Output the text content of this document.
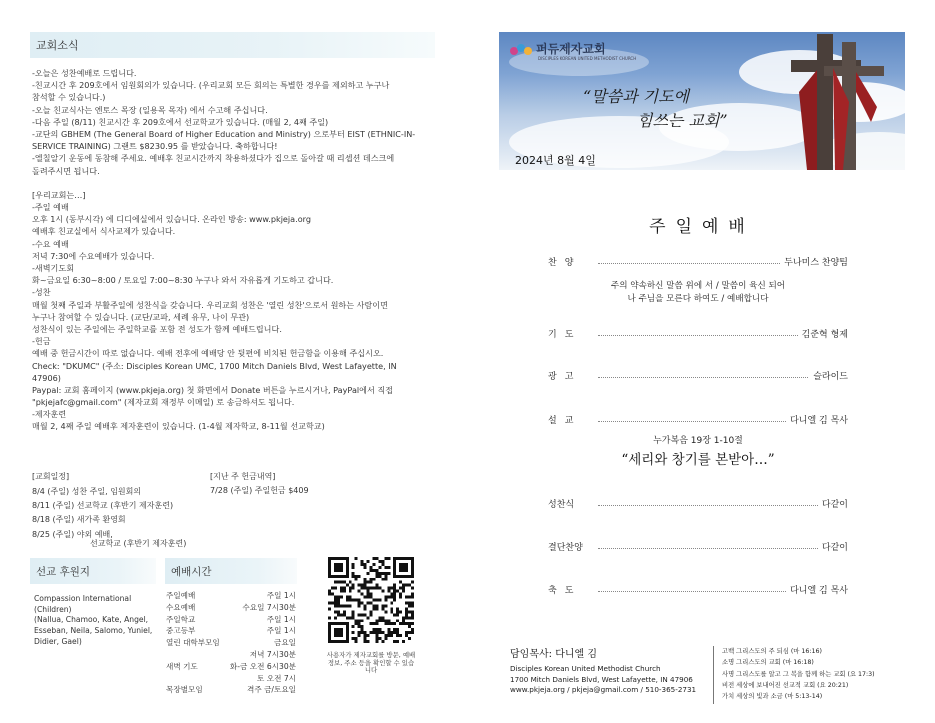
교회소식
-오늘은 성찬예배로 드립니다.
-친교시간 후 209호에서 임원회의가 있습니다. (우리교회 모든 회의는 특별한 경우를 제외하고 누구나
참석할 수 있습니다.)
-오늘 친교식사는 엔토스 목장 (일용목 목자) 에서 수고해 주십니다.
-다음 주일 (8/11) 친교시간 후 209호에서 선교학교가 있습니다. (매월 2, 4째 주일)
-교단의 GBHEM (The General Board of Higher Education and Ministry) 으로부터 EIST (ETHNIC-IN-
SERVICE TRAINING) 그랜트 $8230.95 를 받았습니다. 축하합니다!
-엘칠알기 운동에 동참해 주세요. 예배후 친교시간까지 착용하셨다가 집으로 돌아갈 때 리셉션 데스크에
돌려주시면 됩니다.
[우리교회는…]
-주일 예배
오후 1시 (동부시각) 에 디디에실에서 있습니다. 온라인 방송: www.pkjeja.org
예배후 친교실에서 식사교제가 있습니다.
-수요 예배
저녁 7:30에 수요예배가 있습니다.
-새벽기도회
화~금요일 6:30~8:00 / 토요일 7:00~8:30 누구나 와서 자유롭게 기도하고 갑니다.
-성찬
매월 첫째 주일과 부활주일에 성찬식을 갖습니다. 우리교회 성찬은 '열린 성찬'으로서 원하는 사람이면
누구나 참여할 수 있습니다. (교단/교파, 세례 유무, 나이 무관)
성찬식이 있는 주일에는 주일학교를 포함 전 성도가 함께 예배드립니다.
-헌금
예배 중 헌금시간이 따로 없습니다. 예배 전후에 예배당 안 뒷편에 비치된 헌금함을 이용해 주십시오.
Check: "DKUMC" (주소: Disciples Korean UMC, 1700 Mitch Daniels Blvd, West Lafayette, IN
47906)
Paypal: 교회 홈페이지 (www.pkjeja.org) 첫 화면에서 Donate 버튼을 누르시거나, PayPal에서 직접
"pkjejafc@gmail.com" (제자교회 재정부 이메일) 로 송금하셔도 됩니다.
-제자훈련
매월 2, 4째 주일 예배후 제자훈련이 있습니다. (1-4월 제자학교, 8-11월 선교학교)
[교회일정]
8/4 (주일) 성찬 주일, 임원회의
8/11 (주일) 선교학교 (후반기 제자훈련)
8/18 (주일) 새가족 환영회
8/25 (주일) 야외 예배,
선교학교 (후반기 제자훈련)
[지난 주 헌금내역]
7/28 (주일) 주일헌금 $409
선교 후원지
Compassion International
(Children)
(Nallua, Chamoo, Kate, Angel,
Esseban, Neila, Salomo, Yuniel,
Didier, Gael)
예배시간
주일예배	주일 1시
수요예배	수요일 7시30분
주일학교	주일 1시
중고등부	주일 1시
열린 대학부모임	금요일
저녁 7시30분
새벽 기도	화-금 오전 6시30분
토 오전 7시
목장별모임	격주 금/토요일
사용자가 제자교회를 방문, 예배정보, 주소 등을 확인할 수 있습니다
퍼듀제자교회
DISCIPLES KOREAN UNITED METHODIST CHURCH
“말씀과 기도에
힘쓰는 교회”
2024년 8월 4일
주일예배
찬양	두나미스 찬양팀
주의 약속하신 말씀 위에 서 / 말씀이 육신 되어
나 주님을 모른다 하여도 / 예배합니다
기도	김준혁 형제
광고	슬라이드
설교	다니엘 김 목사
누가복음 19장 1-10절
“세리와 창기를 본받아…”
성찬식	다같이
결단찬양	다같이
축도	다니엘 김 목사
담임목사: 다니엘 김
Disciples Korean United Methodist Church
1700 Mitch Daniels Blvd, West Lafayette, IN 47906
www.pkjeja.org / pkjeja@gmail.com / 510-365-2731
고백 그리스도의 주 되심 (마 16:16)
소명 그리스도의 교회 (마 16:18)
사명 그리스도를 알고 그 복을 함께 하는 교회 (요 17:3)
비전 세상에 보내어진 선교적 교회 (요 20:21)
가치 세상의 빛과 소금 (마 5:13-14)
